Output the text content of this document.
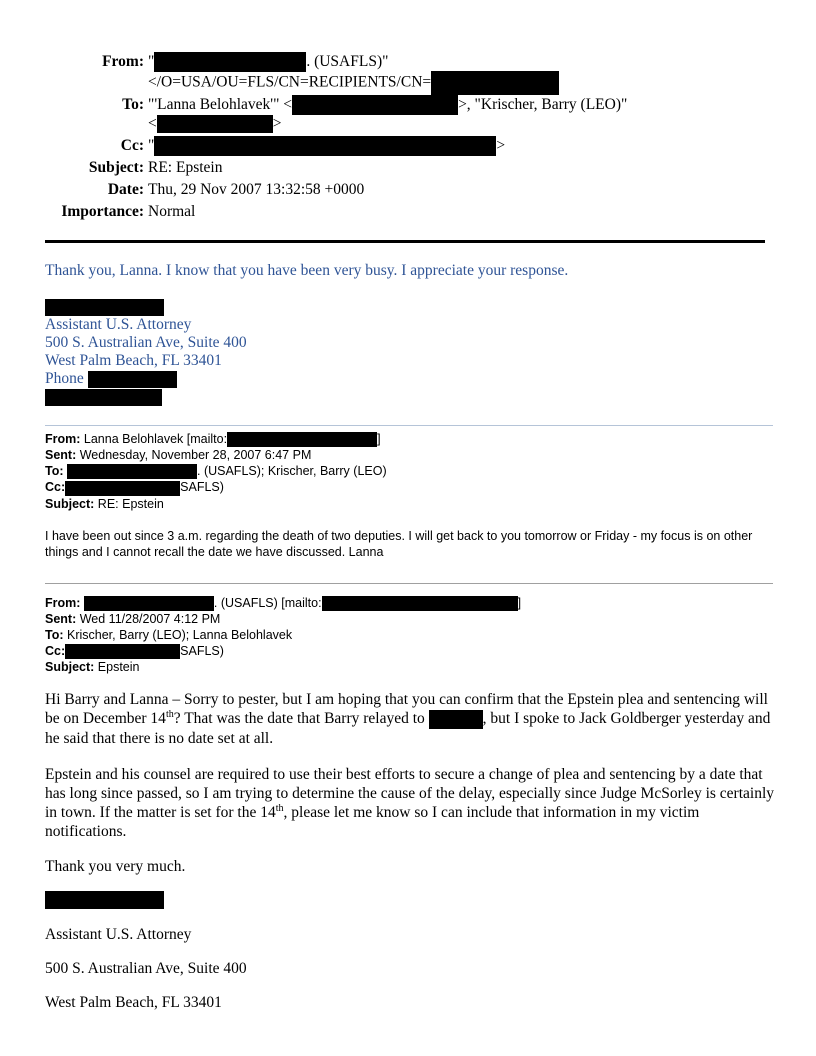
From: "	. (USAFLS)"
</O=USA/OU=FLS/CN=RECIPIENTS/CN=
To: "'Lanna Belohlavek'" <	>, "Krischer, Barry (LEO)"
<	>
Cc: "	>
Subject: RE: Epstein
Date: Thu, 29 Nov 2007 13:32:58 +0000
Importance: Normal
Thank you, Lanna. I know that you have been very busy. I appreciate your response.
Assistant U.S. Attorney
500 S. Australian Ave, Suite 400
West Palm Beach, FL 33401
Phone
From: Lanna Belohlavek [mailto:	]
Sent: Wednesday, November 28, 2007 6:47 PM
To:	. (USAFLS); Krischer, Barry (LEO)
Cc:	SAFLS)
Subject: RE: Epstein
I have been out since 3 a.m. regarding the death of two deputies. I will get back to you tomorrow or Friday - my focus is on other things and I cannot recall the date we have discussed. Lanna
From:	. (USAFLS) [mailto:	]
Sent: Wed 11/28/2007 4:12 PM
To: Krischer, Barry (LEO); Lanna Belohlavek
Cc:	SAFLS)
Subject: Epstein
Hi Barry and Lanna – Sorry to pester, but I am hoping that you can confirm that the Epstein plea and sentencing will be on December 14th? That was the date that Barry relayed to	, but I spoke to Jack Goldberger yesterday and he said that there is no date set at all.
Epstein and his counsel are required to use their best efforts to secure a change of plea and sentencing by a date that has long since passed, so I am trying to determine the cause of the delay, especially since Judge McSorley is certainly in town. If the matter is set for the 14th, please let me know so I can include that information in my victim notifications.
Thank you very much.
Assistant U.S. Attorney
500 S. Australian Ave, Suite 400
West Palm Beach, FL 33401
